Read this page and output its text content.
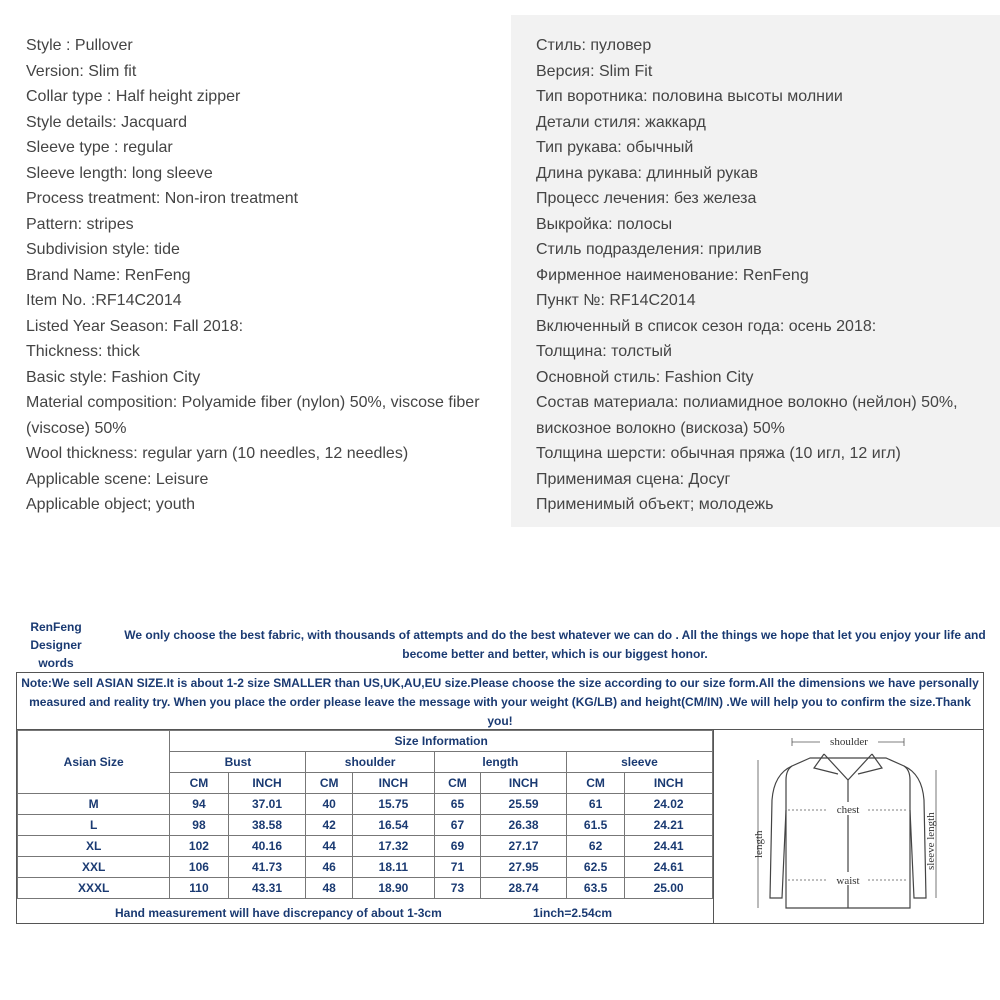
Style : Pullover
Version: Slim fit
Collar type : Half height zipper
Style details: Jacquard
Sleeve type : regular
Sleeve length: long sleeve
Process treatment: Non-iron treatment
Pattern: stripes
Subdivision style: tide
Brand Name: RenFeng
Item No. :RF14C2014
Listed Year Season: Fall 2018:
Thickness: thick
Basic style: Fashion City
Material composition: Polyamide fiber (nylon) 50%, viscose fiber (viscose) 50%
Wool thickness: regular yarn (10 needles, 12 needles)
Applicable scene: Leisure
Applicable object; youth
Стиль: пуловер
Версия: Slim Fit
Тип воротника: половина высоты молнии
Детали стиля: жаккард
Тип рукава: обычный
Длина рукава: длинный рукав
Процесс лечения: без железа
Выкройка: полосы
Стиль подразделения: прилив
Фирменное наименование: RenFeng
Пункт №: RF14C2014
Включенный в список сезон года: осень 2018:
Толщина: толстый
Основной стиль: Fashion City
Состав материала: полиамидное волокно (нейлон) 50%, вискозное волокно (вискоза) 50%
Толщина шерсти: обычная пряжа (10 игл, 12 игл)
Применимая сцена: Досуг
Применимый объект; молодежь
RenFeng
Designer words
We only choose the best fabric, with thousands of attempts and do the best whatever we can do . All the things we hope that let you enjoy your life and become better and better, which is our biggest honor.
Note:We sell ASIAN SIZE.It is about 1-2 size SMALLER than US,UK,AU,EU size.Please choose the size according to our size form.All the dimensions we have personally measured and reality try. When you place the order please leave the message with your weight (KG/LB) and height(CM/IN) .We will help you to confirm the size.Thank you!
Asian Size	Size Information							
	Bust		shoulder		length		sleeve	
	CM	INCH	CM	INCH	CM	INCH	CM	INCH
M	94	37.01	40	15.75	65	25.59	61	24.02
L	98	38.58	42	16.54	67	26.38	61.5	24.21
XL	102	40.16	44	17.32	69	27.17	62	24.41
XXL	106	41.73	46	18.11	71	27.95	62.5	24.61
XXXL	110	43.31	48	18.90	73	28.74	63.5	25.00
Hand measurement will have discrepancy of about 1-3cm	1inch=2.54cm
shoulder
chest
waist
length	sleeve length
